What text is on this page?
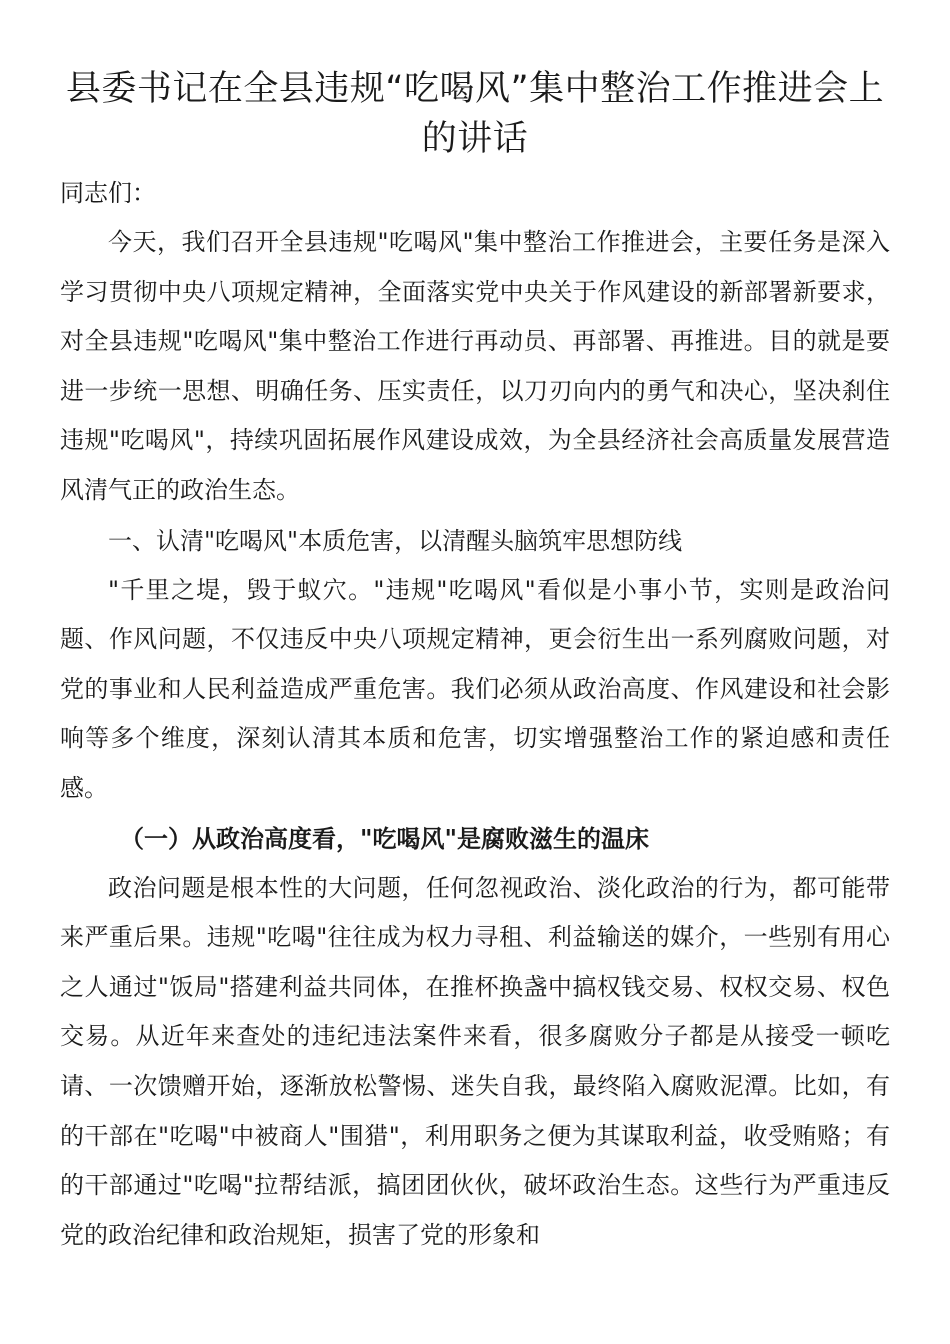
县委书记在全县违规“吃喝风”集中整治工作推进会上的讲话

同志们：

今天，我们召开全县违规"吃喝风"集中整治工作推进会，主要任务是深入学习贯彻中央八项规定精神，全面落实党中央关于作风建设的新部署新要求，对全县违规"吃喝风"集中整治工作进行再动员、再部署、再推进。目的就是要进一步统一思想、明确任务、压实责任，以刀刃向内的勇气和决心，坚决刹住违规"吃喝风"，持续巩固拓展作风建设成效，为全县经济社会高质量发展营造风清气正的政治生态。

一、认清"吃喝风"本质危害，以清醒头脑筑牢思想防线

"千里之堤，毁于蚁穴。"违规"吃喝风"看似是小事小节，实则是政治问题、作风问题，不仅违反中央八项规定精神，更会衍生出一系列腐败问题，对党的事业和人民利益造成严重危害。我们必须从政治高度、作风建设和社会影响等多个维度，深刻认清其本质和危害，切实增强整治工作的紧迫感和责任感。

（一）从政治高度看，"吃喝风"是腐败滋生的温床

政治问题是根本性的大问题，任何忽视政治、淡化政治的行为，都可能带来严重后果。违规"吃喝"往往成为权力寻租、利益输送的媒介，一些别有用心之人通过"饭局"搭建利益共同体，在推杯换盏中搞权钱交易、权权交易、权色交易。从近年来查处的违纪违法案件来看，很多腐败分子都是从接受一顿吃请、一次馈赠开始，逐渐放松警惕、迷失自我，最终陷入腐败泥潭。比如，有的干部在"吃喝"中被商人"围猎"，利用职务之便为其谋取利益，收受贿赂；有的干部通过"吃喝"拉帮结派，搞团团伙伙，破坏政治生态。这些行为严重违反党的政治纪律和政治规矩，损害了党的形象和
